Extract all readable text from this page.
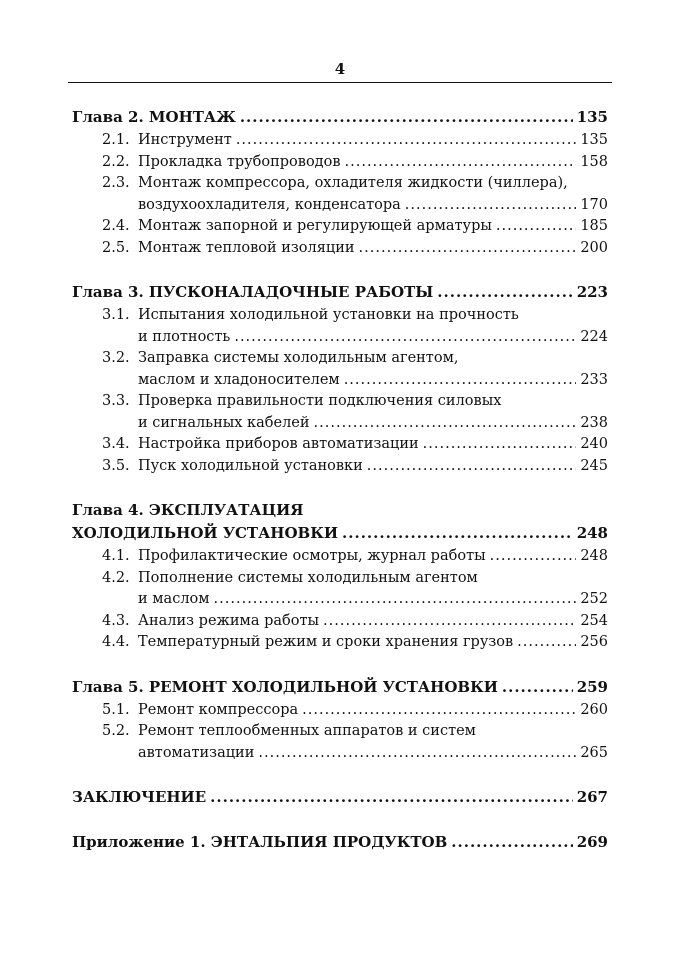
4
Глава 2. МОНТАЖ .....	135
2.1. Инструмент .....	135
2.2. Прокладка трубопроводов .....	158
2.3. Монтаж компрессора, охладителя жидкости (чиллера),
воздухоохладителя, конденсатора .....	170
2.4. Монтаж запорной и регулирующей арматуры .....	185
2.5. Монтаж тепловой изоляции .....	200
Глава 3. ПУСКОНАЛАДОЧНЫЕ РАБОТЫ .....	223
3.1. Испытания холодильной установки на прочность
и плотность .....	224
3.2. Заправка системы холодильным агентом,
маслом и хладоносителем .....	233
3.3. Проверка правильности подключения силовых
и сигнальных кабелей .....	238
3.4. Настройка приборов автоматизации .....	240
3.5. Пуск холодильной установки .....	245
Глава 4. ЭКСПЛУАТАЦИЯ
ХОЛОДИЛЬНОЙ УСТАНОВКИ .....	248
4.1. Профилактические осмотры, журнал работы .....	248
4.2. Пополнение системы холодильным агентом
и маслом .....	252
4.3. Анализ режима работы .....	254
4.4. Температурный режим и сроки хранения грузов .....	256
Глава 5. РЕМОНТ ХОЛОДИЛЬНОЙ УСТАНОВКИ .....	259
5.1. Ремонт компрессора .....	260
5.2. Ремонт теплообменных аппаратов и систем
автоматизации .....	265
ЗАКЛЮЧЕНИЕ .....	267
Приложение 1. ЭНТАЛЬПИЯ ПРОДУКТОВ .....	269
